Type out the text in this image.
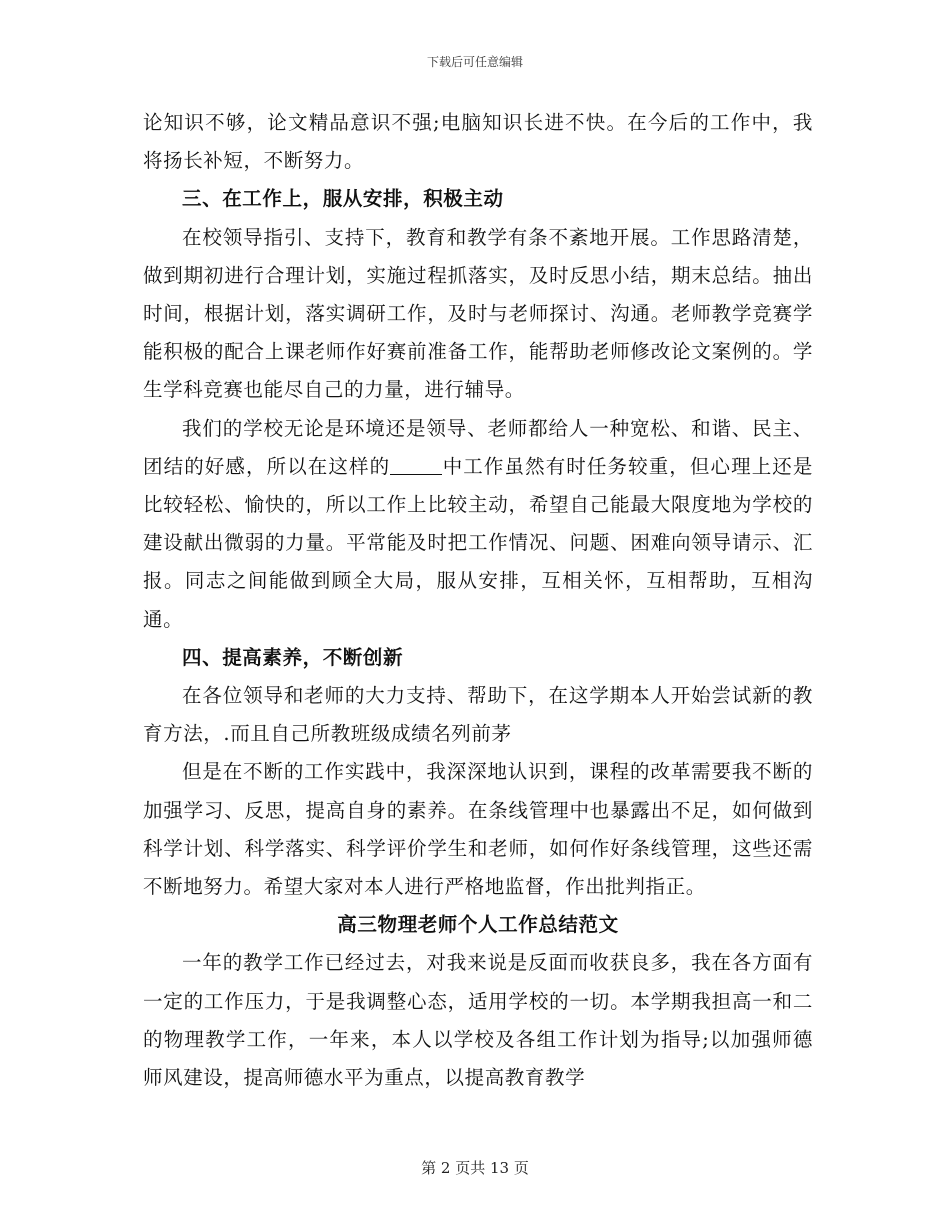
下载后可任意编辑

论知识不够，论文精品意识不强;电脑知识长进不快。在今后的工作中，我将扬长补短，不断努力。

三、在工作上，服从安排，积极主动

在校领导指引、支持下，教育和教学有条不紊地开展。工作思路清楚，做到期初进行合理计划，实施过程抓落实，及时反思小结，期末总结。抽出时间，根据计划，落实调研工作，及时与老师探讨、沟通。老师教学竞赛学能积极的配合上课老师作好赛前准备工作，能帮助老师修改论文案例的。学生学科竞赛也能尽自己的力量，进行辅导。

我们的学校无论是环境还是领导、老师都给人一种宽松、和谐、民主、团结的好感，所以在这样的	中工作虽然有时任务较重，但心理上还是比较轻松、愉快的，所以工作上比较主动，希望自己能最大限度地为学校的建设献出微弱的力量。平常能及时把工作情况、问题、困难向领导请示、汇报。同志之间能做到顾全大局，服从安排，互相关怀，互相帮助，互相沟通。

四、提高素养，不断创新

在各位领导和老师的大力支持、帮助下，在这学期本人开始尝试新的教育方法，.而且自己所教班级成绩名列前茅

但是在不断的工作实践中，我深深地认识到，课程的改革需要我不断的加强学习、反思，提高自身的素养。在条线管理中也暴露出不足，如何做到科学计划、科学落实、科学评价学生和老师，如何作好条线管理，这些还需不断地努力。希望大家对本人进行严格地监督，作出批判指正。

高三物理老师个人工作总结范文

一年的教学工作已经过去，对我来说是反面而收获良多，我在各方面有一定的工作压力，于是我调整心态，适用学校的一切。本学期我担高一和二的物理教学工作，一年来，本人以学校及各组工作计划为指导;以加强师德师风建设，提高师德水平为重点，以提高教育教学

第 2 页共 13 页
